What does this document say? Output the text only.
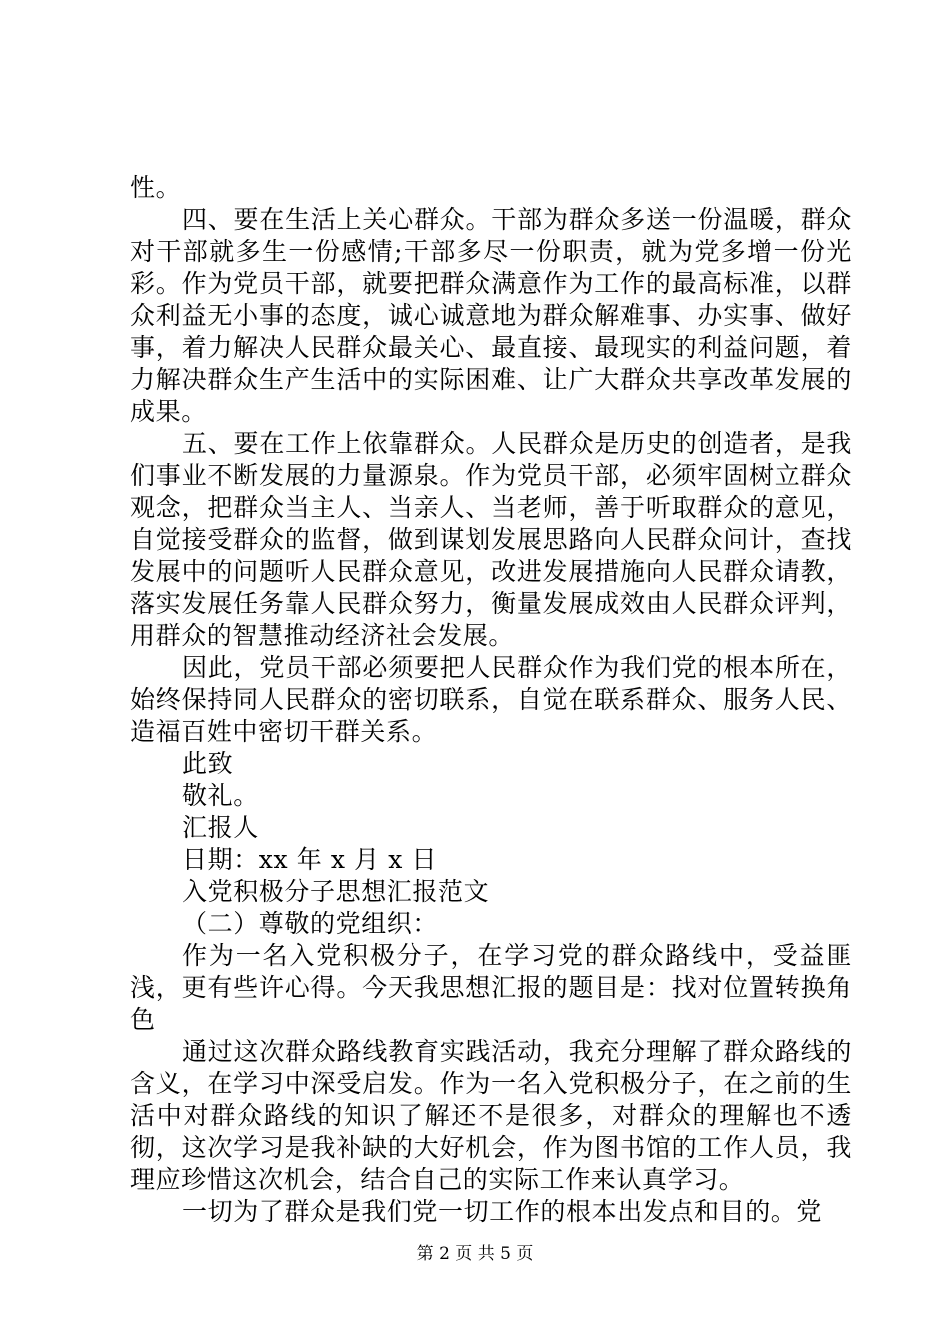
性。

四、要在生活上关心群众。干部为群众多送一份温暖，群众对干部就多生一份感情;干部多尽一份职责，就为党多增一份光彩。作为党员干部，就要把群众满意作为工作的最高标准，以群众利益无小事的态度，诚心诚意地为群众解难事、办实事、做好事，着力解决人民群众最关心、最直接、最现实的利益问题，着力解决群众生产生活中的实际困难、让广大群众共享改革发展的成果。

五、要在工作上依靠群众。人民群众是历史的创造者，是我们事业不断发展的力量源泉。作为党员干部，必须牢固树立群众观念，把群众当主人、当亲人、当老师，善于听取群众的意见，自觉接受群众的监督，做到谋划发展思路向人民群众问计，查找发展中的问题听人民群众意见，改进发展措施向人民群众请教，落实发展任务靠人民群众努力，衡量发展成效由人民群众评判，用群众的智慧推动经济社会发展。

因此，党员干部必须要把人民群众作为我们党的根本所在，始终保持同人民群众的密切联系，自觉在联系群众、服务人民、造福百姓中密切干群关系。

此致

敬礼。

汇报人

日期：xx 年 x 月 x 日

入党积极分子思想汇报范文

（二）尊敬的党组织：

作为一名入党积极分子，在学习党的群众路线中，受益匪浅，更有些许心得。今天我思想汇报的题目是：找对位置转换角色

通过这次群众路线教育实践活动，我充分理解了群众路线的含义，在学习中深受启发。作为一名入党积极分子，在之前的生活中对群众路线的知识了解还不是很多，对群众的理解也不透彻，这次学习是我补缺的大好机会，作为图书馆的工作人员，我理应珍惜这次机会，结合自己的实际工作来认真学习。

一切为了群众是我们党一切工作的根本出发点和目的。党

第 2 页 共 5 页
